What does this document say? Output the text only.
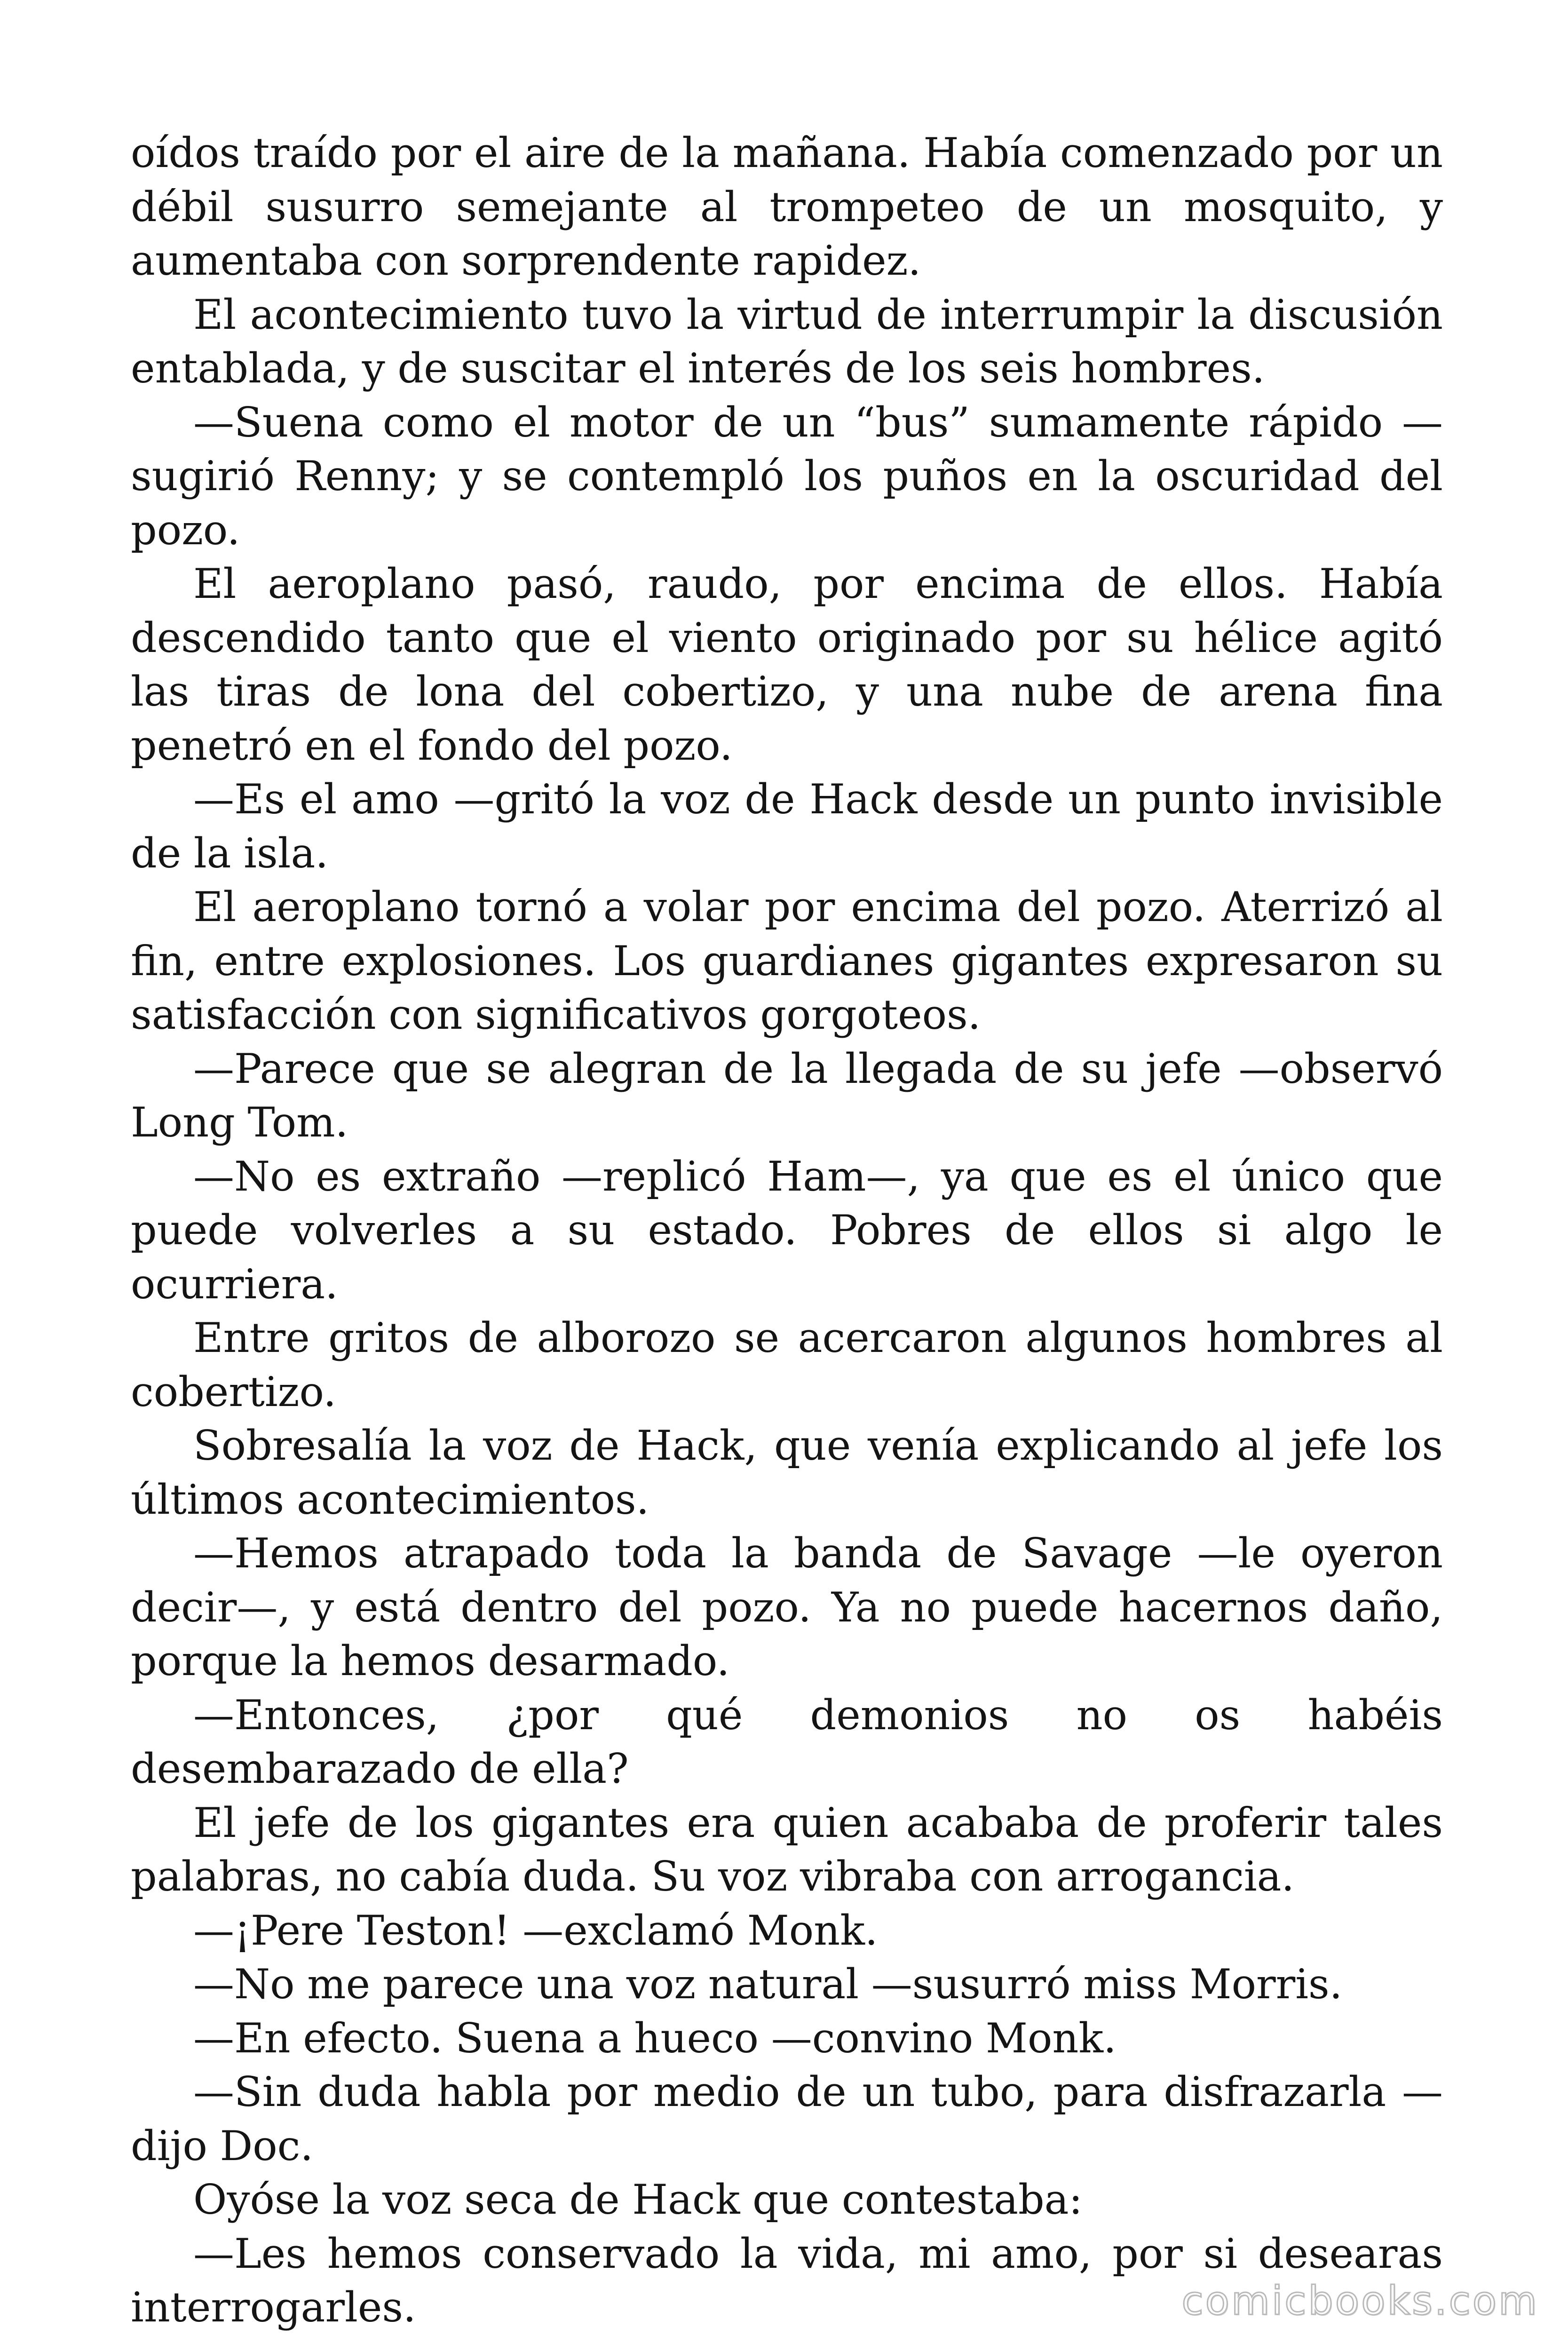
oídos traído por el aire de la mañana. Había comenzado por un débil susurro semejante al trompeteo de un mosquito, y aumentaba con sorprendente rapidez.

El acontecimiento tuvo la virtud de interrumpir la discusión entablada, y de suscitar el interés de los seis hombres.

—Suena como el motor de un “bus” sumamente rápido —sugirió Renny; y se contempló los puños en la oscuridad del pozo.

El aeroplano pasó, raudo, por encima de ellos. Había descendido tanto que el viento originado por su hélice agitó las tiras de lona del cobertizo, y una nube de arena fina penetró en el fondo del pozo.

—Es el amo —gritó la voz de Hack desde un punto invisible de la isla.

El aeroplano tornó a volar por encima del pozo. Aterrizó al fin, entre explosiones. Los guardianes gigantes expresaron su satisfacción con significativos gorgoteos.

—Parece que se alegran de la llegada de su jefe —observó Long Tom.

—No es extraño —replicó Ham—, ya que es el único que puede volverles a su estado. Pobres de ellos si algo le ocurriera.

Entre gritos de alborozo se acercaron algunos hombres al cobertizo.

Sobresalía la voz de Hack, que venía explicando al jefe los últimos acontecimientos.

—Hemos atrapado toda la banda de Savage —le oyeron decir—, y está dentro del pozo. Ya no puede hacernos daño, porque la hemos desarmado.

—Entonces, ¿por qué demonios no os habéis desembarazado de ella?

El jefe de los gigantes era quien acababa de proferir tales palabras, no cabía duda. Su voz vibraba con arrogancia.

—¡Pere Teston! —exclamó Monk.

—No me parece una voz natural —susurró miss Morris.

—En efecto. Suena a hueco —convino Monk.

—Sin duda habla por medio de un tubo, para disfrazarla —dijo Doc.

Oyóse la voz seca de Hack que contestaba:

—Les hemos conservado la vida, mi amo, por si desearas interrogarles.	comicbooks.com
